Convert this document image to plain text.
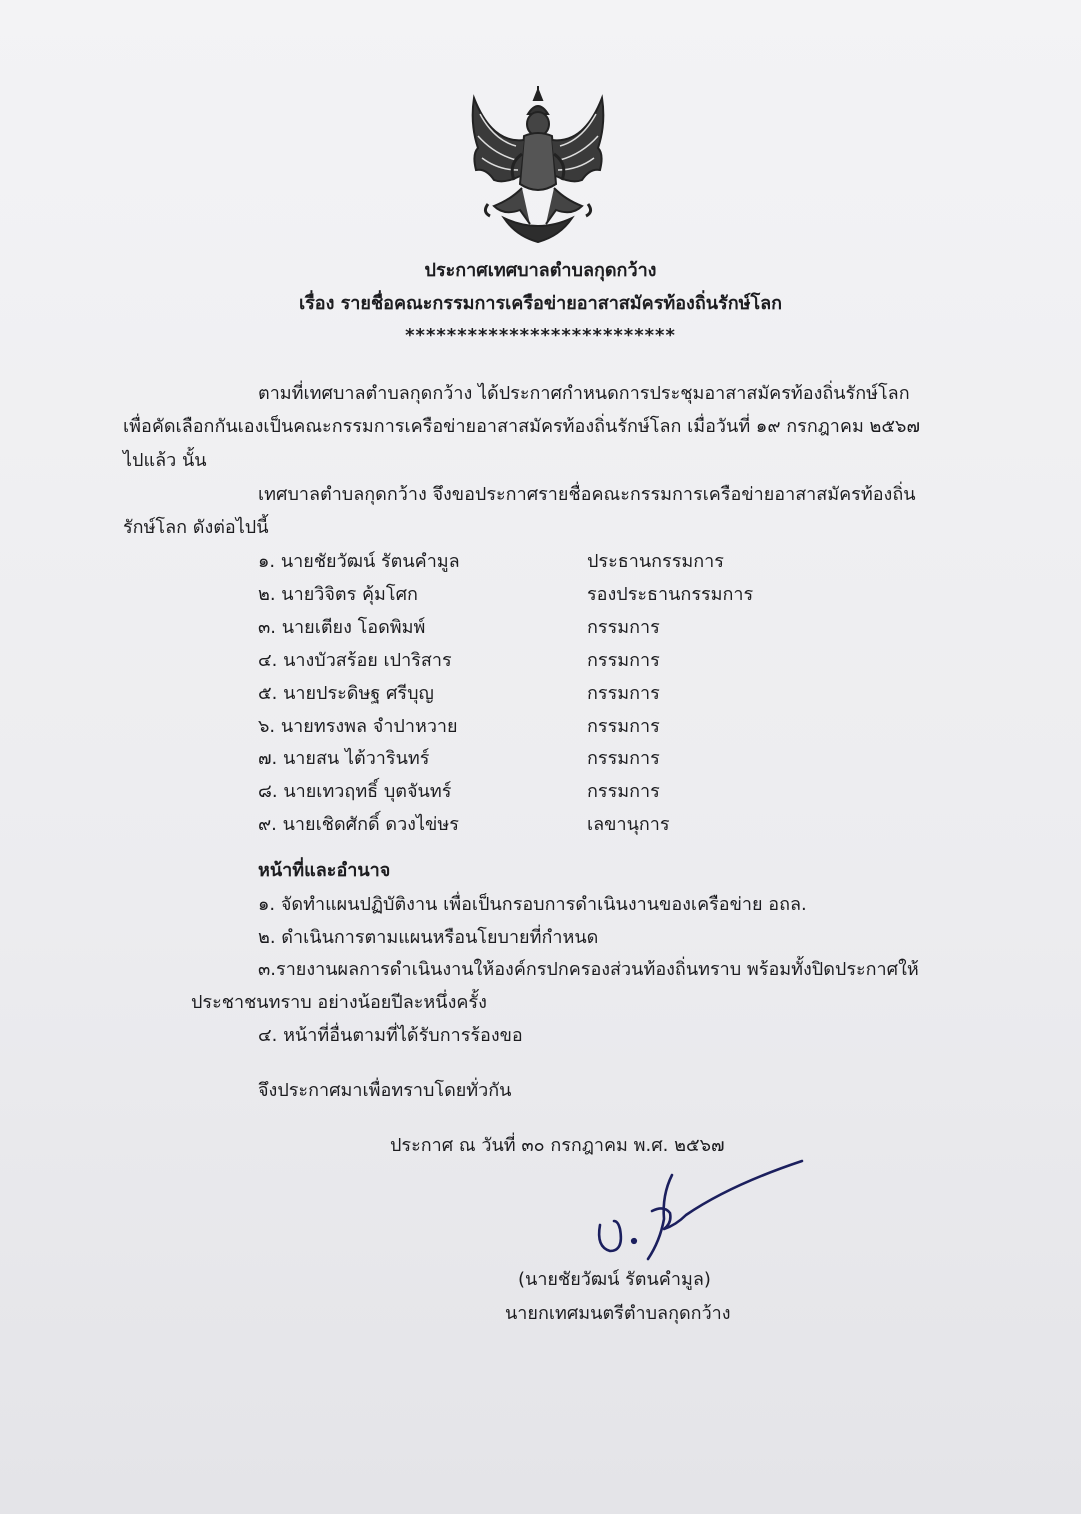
ประกาศเทศบาลตำบลกุดกว้าง
เรื่อง รายชื่อคณะกรรมการเครือข่ายอาสาสมัครท้องถิ่นรักษ์โลก
**************************
ตามที่เทศบาลตำบลกุดกว้าง ได้ประกาศกำหนดการประชุมอาสาสมัครท้องถิ่นรักษ์โลก
เพื่อคัดเลือกกันเองเป็นคณะกรรมการเครือข่ายอาสาสมัครท้องถิ่นรักษ์โลก เมื่อวันที่ ๑๙ กรกฎาคม ๒๕๖๗
ไปแล้ว นั้น
เทศบาลตำบลกุดกว้าง จึงขอประกาศรายชื่อคณะกรรมการเครือข่ายอาสาสมัครท้องถิ่น
รักษ์โลก ดังต่อไปนี้
๑. นายชัยวัฒน์ รัตนคำมูล	ประธานกรรมการ
๒. นายวิจิตร คุ้มโศก	รองประธานกรรมการ
๓. นายเตียง โอดพิมพ์	กรรมการ
๔. นางบัวสร้อย เปาริสาร	กรรมการ
๕. นายประดิษฐ ศรีบุญ	กรรมการ
๖. นายทรงพล จำปาหวาย	กรรมการ
๗. นายสน ไต้วารินทร์	กรรมการ
๘. นายเทวฤทธิ์ บุตจันทร์	กรรมการ
๙. นายเชิดศักดิ์ ดวงไข่ษร	เลขานุการ
หน้าที่และอำนาจ
๑. จัดทำแผนปฏิบัติงาน เพื่อเป็นกรอบการดำเนินงานของเครือข่าย อถล.
๒. ดำเนินการตามแผนหรือนโยบายที่กำหนด
๓.รายงานผลการดำเนินงานให้องค์กรปกครองส่วนท้องถิ่นทราบ พร้อมทั้งปิดประกาศให้
ประชาชนทราบ อย่างน้อยปีละหนึ่งครั้ง
๔. หน้าที่อื่นตามที่ได้รับการร้องขอ
จึงประกาศมาเพื่อทราบโดยทั่วกัน
ประกาศ ณ วันที่ ๓๐ กรกฎาคม พ.ศ. ๒๕๖๗
(นายชัยวัฒน์ รัตนคำมูล)
นายกเทศมนตรีตำบลกุดกว้าง
